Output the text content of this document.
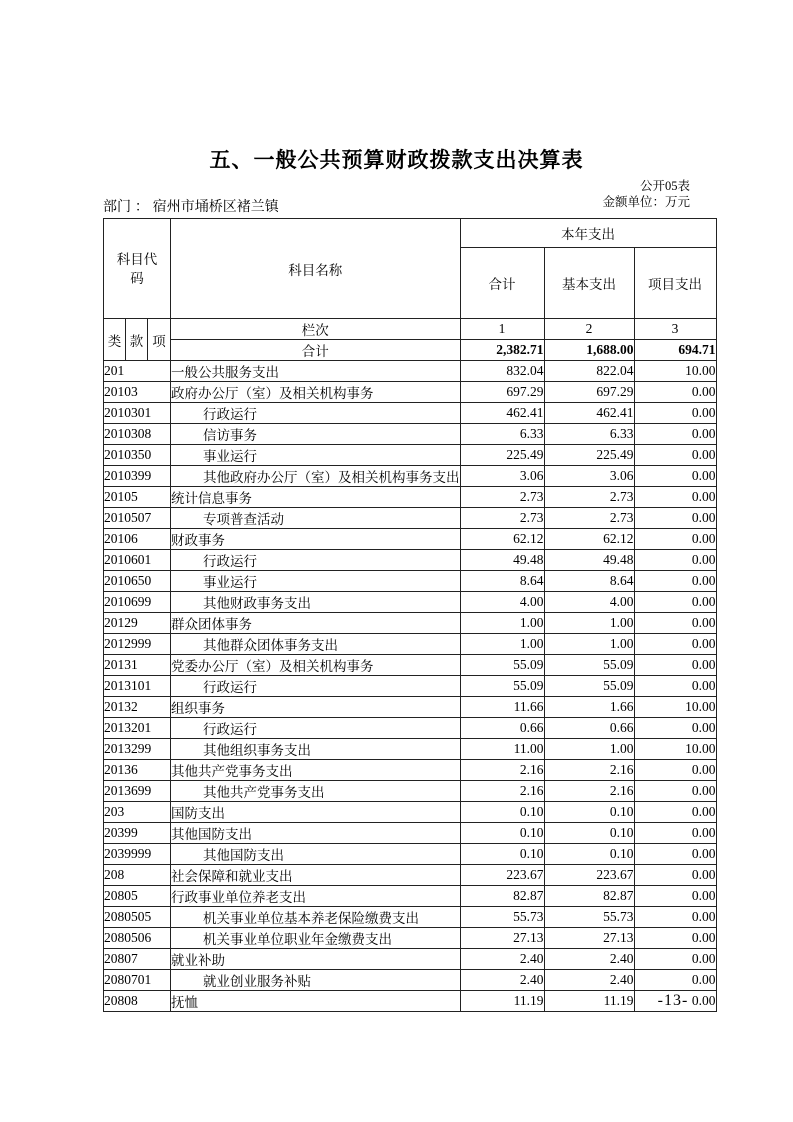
五、一般公共预算财政拨款支出决算表
公开05表
金额单位：万元
部门 ： 宿州市埇桥区褚兰镇
科目代码			科目名称	本年支出		
				合计	基本支出	项目支出
类	款	项	栏次	1	2	3
			合计	2,382.71	1,688.00	694.71
201			一般公共服务支出	832.04	822.04	10.00
20103			政府办公厅（室）及相关机构事务	697.29	697.29	0.00
2010301			行政运行	462.41	462.41	0.00
2010308			信访事务	6.33	6.33	0.00
2010350			事业运行	225.49	225.49	0.00
2010399			其他政府办公厅（室）及相关机构事务支出	3.06	3.06	0.00
20105			统计信息事务	2.73	2.73	0.00
2010507			专项普查活动	2.73	2.73	0.00
20106			财政事务	62.12	62.12	0.00
2010601			行政运行	49.48	49.48	0.00
2010650			事业运行	8.64	8.64	0.00
2010699			其他财政事务支出	4.00	4.00	0.00
20129			群众团体事务	1.00	1.00	0.00
2012999			其他群众团体事务支出	1.00	1.00	0.00
20131			党委办公厅（室）及相关机构事务	55.09	55.09	0.00
2013101			行政运行	55.09	55.09	0.00
20132			组织事务	11.66	1.66	10.00
2013201			行政运行	0.66	0.66	0.00
2013299			其他组织事务支出	11.00	1.00	10.00
20136			其他共产党事务支出	2.16	2.16	0.00
2013699			其他共产党事务支出	2.16	2.16	0.00
203			国防支出	0.10	0.10	0.00
20399			其他国防支出	0.10	0.10	0.00
2039999			其他国防支出	0.10	0.10	0.00
208			社会保障和就业支出	223.67	223.67	0.00
20805			行政事业单位养老支出	82.87	82.87	0.00
2080505			机关事业单位基本养老保险缴费支出	55.73	55.73	0.00
2080506			机关事业单位职业年金缴费支出	27.13	27.13	0.00
20807			就业补助	2.40	2.40	0.00
2080701			就业创业服务补贴	2.40	2.40	0.00
20808			抚恤	11.19	11.19	0.00
-13-
